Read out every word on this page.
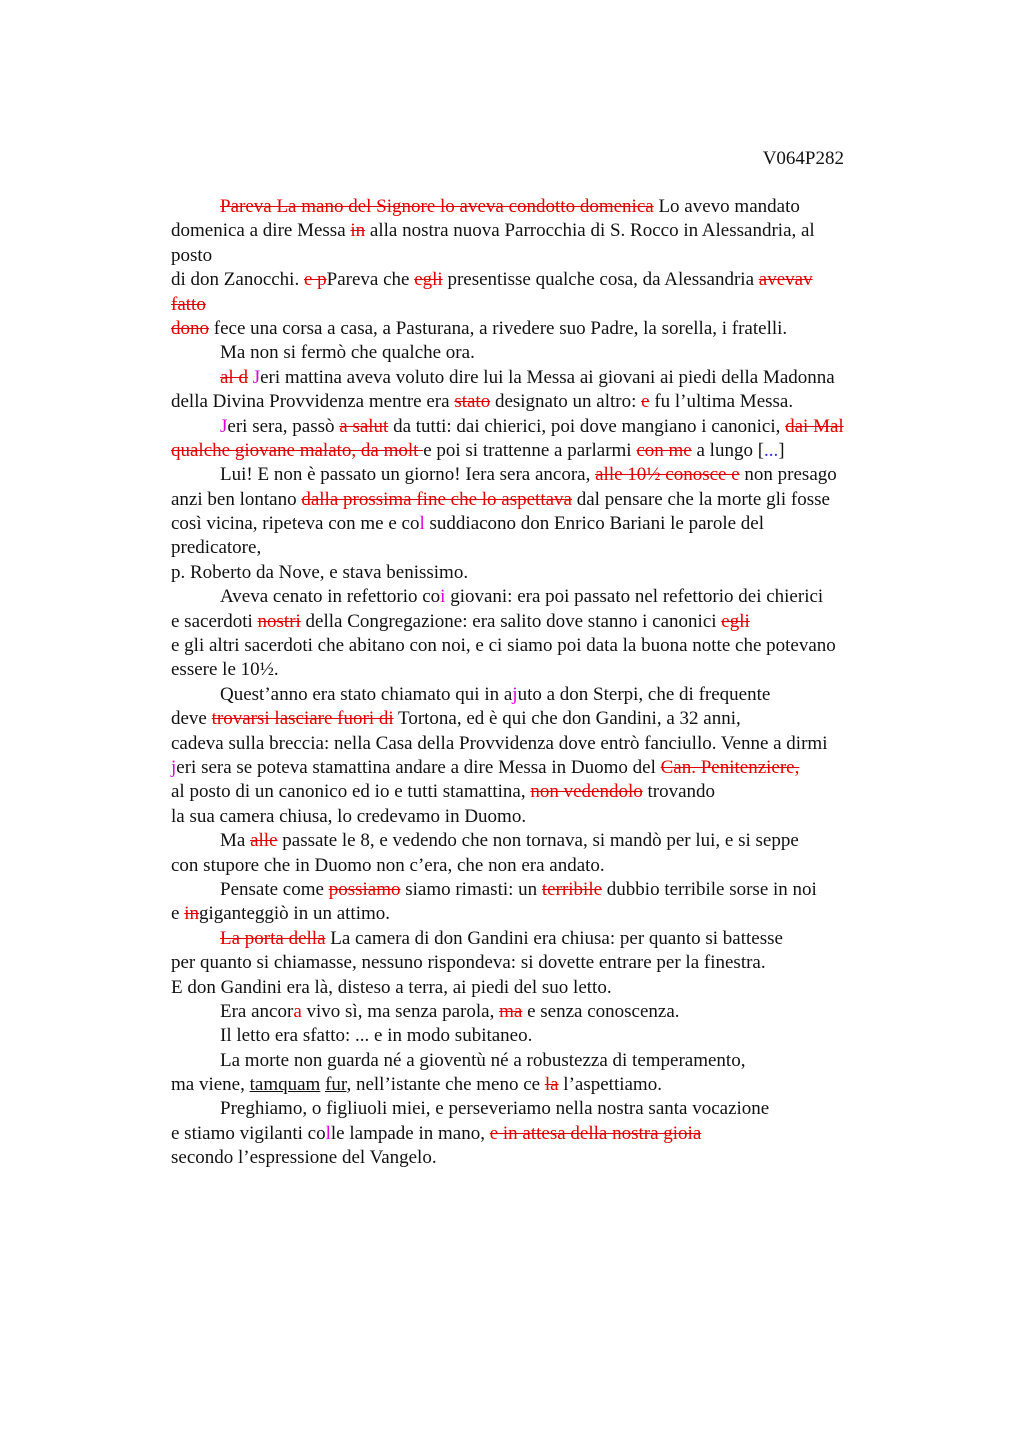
V064P282
Pareva La mano del Signore lo aveva condotto domenica Lo avevo mandato
domenica a dire Messa in alla nostra nuova Parrocchia di S. Rocco in Alessandria, al
posto
di don Zanocchi. e pPareva che egli presentisse qualche cosa, da Alessandria avevav
fatto
dono fece una corsa a casa, a Pasturana, a rivedere suo Padre, la sorella, i fratelli.
Ma non si fermò che qualche ora.
al d Jeri mattina aveva voluto dire lui la Messa ai giovani ai piedi della Madonna
della Divina Provvidenza mentre era stato designato un altro: e fu l’ultima Messa.
Jeri sera, passò a salut da tutti: dai chierici, poi dove mangiano i canonici, dai Mal
qualche giovane malato, da molt e poi si trattenne a parlarmi con me a lungo [...]
Lui! E non è passato un giorno! Iera sera ancora, alle 10½ conosce e non presago
anzi ben lontano dalla prossima fine che lo aspettava dal pensare che la morte gli fosse
così vicina, ripeteva con me e col suddiacono don Enrico Bariani le parole del
predicatore,
p. Roberto da Nove, e stava benissimo.
Aveva cenato in refettorio coi giovani: era poi passato nel refettorio dei chierici
e sacerdoti nostri della Congregazione: era salito dove stanno i canonici egli
e gli altri sacerdoti che abitano con noi, e ci siamo poi data la buona notte che potevano
essere le 10½.
Quest’anno era stato chiamato qui in ajuto a don Sterpi, che di frequente
deve trovarsi lasciare fuori di Tortona, ed è qui che don Gandini, a 32 anni,
cadeva sulla breccia: nella Casa della Provvidenza dove entrò fanciullo. Venne a dirmi
jeri sera se poteva stamattina andare a dire Messa in Duomo del Can. Penitenziere,
al posto di un canonico ed io e tutti stamattina, non vedendolo trovando
la sua camera chiusa, lo credevamo in Duomo.
Ma alle passate le 8, e vedendo che non tornava, si mandò per lui, e si seppe
con stupore che in Duomo non c’era, che non era andato.
Pensate come possiamo siamo rimasti: un terribile dubbio terribile sorse in noi
e ingiganteggiò in un attimo.
La porta della La camera di don Gandini era chiusa: per quanto si battesse
per quanto si chiamasse, nessuno rispondeva: si dovette entrare per la finestra.
E don Gandini era là, disteso a terra, ai piedi del suo letto.
Era ancora vivo sì, ma senza parola, ma e senza conoscenza.
Il letto era sfatto: ... e in modo subitaneo.
La morte non guarda né a gioventù né a robustezza di temperamento,
ma viene, tamquam fur, nell’istante che meno ce la l’aspettiamo.
Preghiamo, o figliuoli miei, e perseveriamo nella nostra santa vocazione
e stiamo vigilanti colle lampade in mano, e in attesa della nostra gioia
secondo l’espressione del Vangelo.
